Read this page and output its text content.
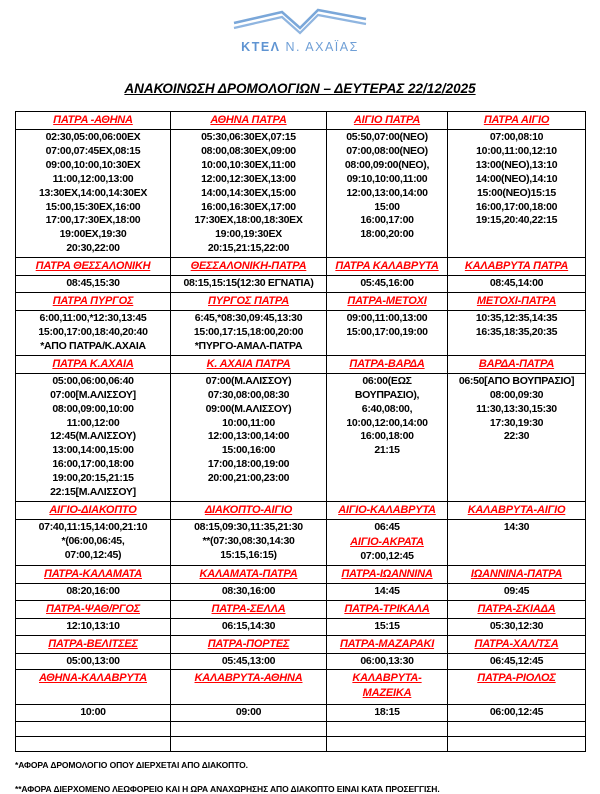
ΚΤΕΛ Ν. ΑΧΑΪΑΣ
ΑΝΑΚΟΙΝΩΣΗ ΔΡΟΜΟΛΟΓΙΩΝ – ΔΕΥΤΕΡΑΣ 22/12/2025
ΠΑΤΡΑ -ΑΘΗΝΑ	ΑΘΗΝΑ ΠΑΤΡΑ	ΑΙΓΙΟ ΠΑΤΡΑ	ΠΑΤΡΑ ΑΙΓΙΟ

02:30,05:00,06:00ΕΧ
07:00,07:45ΕΧ,08:15
09:00,10:00,10:30ΕΧ
11:00,12:00,13:00
13:30ΕΧ,14:00,14:30ΕΧ
15:00,15:30ΕΧ,16:00
17:00,17:30ΕΧ,18:00
19:00ΕΧ,19:30
20:30,22:00

05:30,06:30ΕΧ,07:15
08:00,08:30ΕΧ,09:00
10:00,10:30ΕΧ,11:00
12:00,12:30ΕΧ,13:00
14:00,14:30ΕΧ,15:00
16:00,16:30ΕΧ,17:00
17:30ΕΧ,18:00,18:30ΕΧ
19:00,19:30ΕΧ
20:15,21:15,22:00

05:50,07:00(ΝΕΟ)
07:00,08:00(ΝΕΟ)
08:00,09:00(ΝΕΟ),
09:10,10:00,11:00
12:00,13:00,14:00
15:00
16:00,17:00
18:00,20:00

07:00,08:10
10:00,11:00,12:10
13:00(ΝΕΟ),13:10
14:00(ΝΕΟ),14:10
15:00(ΝΕΟ)15:15
16:00,17:00,18:00
19:15,20:40,22:15

ΠΑΤΡΑ ΘΕΣΣΑΛΟΝΙΚΗ	ΘΕΣΣΑΛΟΝΙΚΗ-ΠΑΤΡΑ	ΠΑΤΡΑ ΚΑΛΑΒΡΥΤΑ	ΚΑΛΑΒΡΥΤΑ ΠΑΤΡΑ

08:45,15:30	08:15,15:15(12:30 ΕΓΝΑΤΙΑ)	05:45,16:00	08:45,14:00

ΠΑΤΡΑ ΠΥΡΓΟΣ	ΠΥΡΓΟΣ ΠΑΤΡΑ	ΠΑΤΡΑ-ΜΕΤΟΧΙ	ΜΕΤΟΧΙ-ΠΑΤΡΑ

6:00,11:00,*12:30,13:45
15:00,17:00,18:40,20:40
*ΑΠΟ ΠΑΤΡΑ/Κ.ΑΧΑΙΑ

6:45,*08:30,09:45,13:30
15:00,17:15,18:00,20:00
*ΠΥΡΓΟ-ΑΜΑΛ-ΠΑΤΡΑ

09:00,11:00,13:00
15:00,17:00,19:00

10:35,12:35,14:35
16:35,18:35,20:35

ΠΑΤΡΑ Κ.ΑΧΑΙΑ	Κ. ΑΧΑΙΑ ΠΑΤΡΑ	ΠΑΤΡΑ-ΒΑΡΔΑ	ΒΑΡΔΑ-ΠΑΤΡΑ

05:00,06:00,06:40
07:00[Μ.ΑΛΙΣΣΟΥ]
08:00,09:00,10:00
11:00,12:00
12:45(Μ.ΑΛΙΣΣΟΥ)
13:00,14:00,15:00
16:00,17:00,18:00
19:00,20:15,21:15
22:15[Μ.ΑΛΙΣΣΟΥ]

07:00(Μ.ΑΛΙΣΣΟΥ)
07:30,08:00,08:30
09:00(Μ.ΑΛΙΣΣΟΥ)
10:00,11:00
12:00,13:00,14:00
15:00,16:00
17:00,18:00,19:00
20:00,21:00,23:00

06:00(ΕΩΣ
ΒΟΥΠΡΑΣΙΟ),
6:40,08:00,
10:00,12:00,14:00
16:00,18:00
21:15

06:50[ΑΠΟ ΒΟΥΠΡΑΣΙΟ]
08:00,09:30
11:30,13:30,15:30
17:30,19:30
22:30

ΑΙΓΙΟ-ΔΙΑΚΟΠΤΟ	ΔΙΑΚΟΠΤΟ-ΑΙΓΙΟ	ΑΙΓΙΟ-ΚΑΛΑΒΡΥΤΑ	ΚΑΛΑΒΡΥΤΑ-ΑΙΓΙΟ

07:40,11:15,14:00,21:10
*(06:00,06:45,
07:00,12:45)

08:15,09:30,11:35,21:30
**(07:30,08:30,14:30
15:15,16:15)

06:45
ΑΙΓΙΟ-ΑΚΡΑΤΑ
07:00,12:45

14:30

ΠΑΤΡΑ-ΚΑΛΑΜΑΤΑ	ΚΑΛΑΜΑΤΑ-ΠΑΤΡΑ	ΠΑΤΡΑ-ΙΩΑΝΝΙΝΑ	ΙΩΑΝΝΙΝΑ-ΠΑΤΡΑ

08:20,16:00	08:30,16:00	14:45	09:45

ΠΑΤΡΑ-ΨΑΘ/ΡΓΟΣ	ΠΑΤΡΑ-ΣΕΛΛΑ	ΠΑΤΡΑ-ΤΡΙΚΑΛΑ	ΠΑΤΡΑ-ΣΚΙΑΔΑ

12:10,13:10	06:15,14:30	15:15	05:30,12:30

ΠΑΤΡΑ-ΒΕΛΙΤΣΕΣ	ΠΑΤΡΑ-ΠΟΡΤΕΣ	ΠΑΤΡΑ-ΜΑΖΑΡΑΚΙ	ΠΑΤΡΑ-ΧΑΛ/ΤΣΑ

05:00,13:00	05:45,13:00	06:00,13:30	06:45,12:45

ΑΘΗΝΑ-ΚΑΛΑΒΡΥΤΑ	ΚΑΛΑΒΡΥΤΑ-ΑΘΗΝΑ	ΚΑΛΑΒΡΥΤΑ-
ΜΑΖΕΙΚΑ	ΠΑΤΡΑ-ΡΙΟΛΟΣ

10:00	09:00	18:15	06:00,12:45

*ΑΦΟΡΑ ΔΡΟΜΟΛΟΓΙΟ ΟΠΟΥ ΔΙΕΡΧΕΤΑΙ ΑΠΟ ΔΙΑΚΟΠΤΟ.
**ΑΦΟΡΑ ΔΙΕΡΧΟΜΕΝΟ ΛΕΩΦΟΡΕΙΟ ΚΑΙ Η ΩΡΑ ΑΝΑΧΩΡΗΣΗΣ ΑΠΟ ΔΙΑΚΟΠΤΟ ΕΙΝΑΙ ΚΑΤΑ ΠΡΟΣΕΓΓΙΣΗ.
